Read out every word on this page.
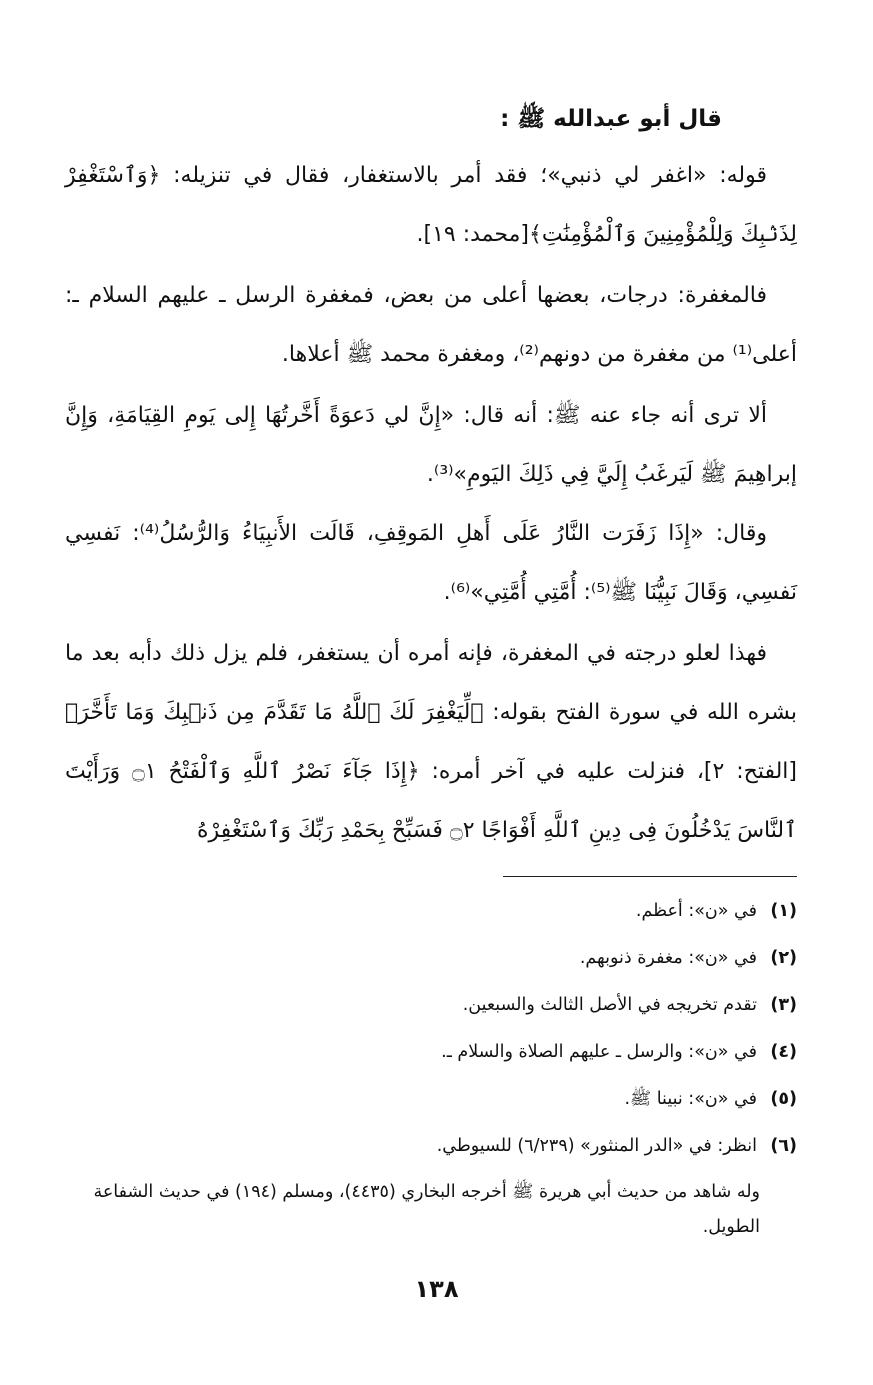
قال أبو عبدالله ﷺ :

قوله: «اغفر لي ذنبي»؛ فقد أمر بالاستغفار، فقال في تنزيله: ﴿وَٱسْتَغْفِرْ لِذَنۢبِكَ وَلِلْمُؤْمِنِينَ وَٱلْمُؤْمِنَٰتِ﴾[محمد: ١٩].

فالمغفرة: درجات، بعضها أعلى من بعض، فمغفرة الرسل ـ عليهم السلام ـ: أعلى⁽¹⁾ من مغفرة من دونهم⁽²⁾، ومغفرة محمد ﷺ أعلاها.

ألا ترى أنه جاء عنه ﷺ: أنه قال: «إِنَّ لي دَعوَةً أَخَّرتُهَا إِلى يَومِ القِيَامَةِ، وَإِنَّ إبراهِيمَ ﷺ لَيَرغَبُ إِلَيَّ فِي ذَلِكَ اليَومِ»⁽³⁾.

وقال: «إِذَا زَفَرَت النَّارُ عَلَى أَهلِ المَوقِفِ، قَالَت الأَنبِيَاءُ وَالرُّسُلُ⁽⁴⁾: نَفسِي نَفسِي، وَقَالَ نَبِيُّنَا ﷺ⁽⁵⁾: أُمَّتِي أُمَّتِي»⁽⁶⁾.

فهذا لعلو درجته في المغفرة، فإنه أمره أن يستغفر، فلم يزل ذلك دأبه بعد ما بشره الله في سورة الفتح بقوله: ﴿لِّيَغْفِرَ لَكَ ٱللَّهُ مَا تَقَدَّمَ مِن ذَنۢبِكَ وَمَا تَأَخَّرَ﴾[الفتح: ٢]، فنزلت عليه في آخر أمره: ﴿إِذَا جَآءَ نَصْرُ ٱللَّهِ وَٱلْفَتْحُ ۝١ وَرَأَيْتَ ٱلنَّاسَ يَدْخُلُونَ فِى دِينِ ٱللَّهِ أَفْوَاجًا ۝٢ فَسَبِّحْ بِحَمْدِ رَبِّكَ وَٱسْتَغْفِرْهُ

(١)في «ن»: أعظم.

(٢)في «ن»: مغفرة ذنوبهم.

(٣)تقدم تخريجه في الأصل الثالث والسبعين.

(٤)في «ن»: والرسل ـ عليهم الصلاة والسلام ـ.

(٥)في «ن»: نبينا ﷺ.

(٦)انظر: في «الدر المنثور» (٦/٢٣٩) للسيوطي.

وله شاهد من حديث أبي هريرة ﷺ أخرجه البخاري (٤٤٣٥)، ومسلم (١٩٤) في حديث الشفاعة الطويل.

١٣٨
